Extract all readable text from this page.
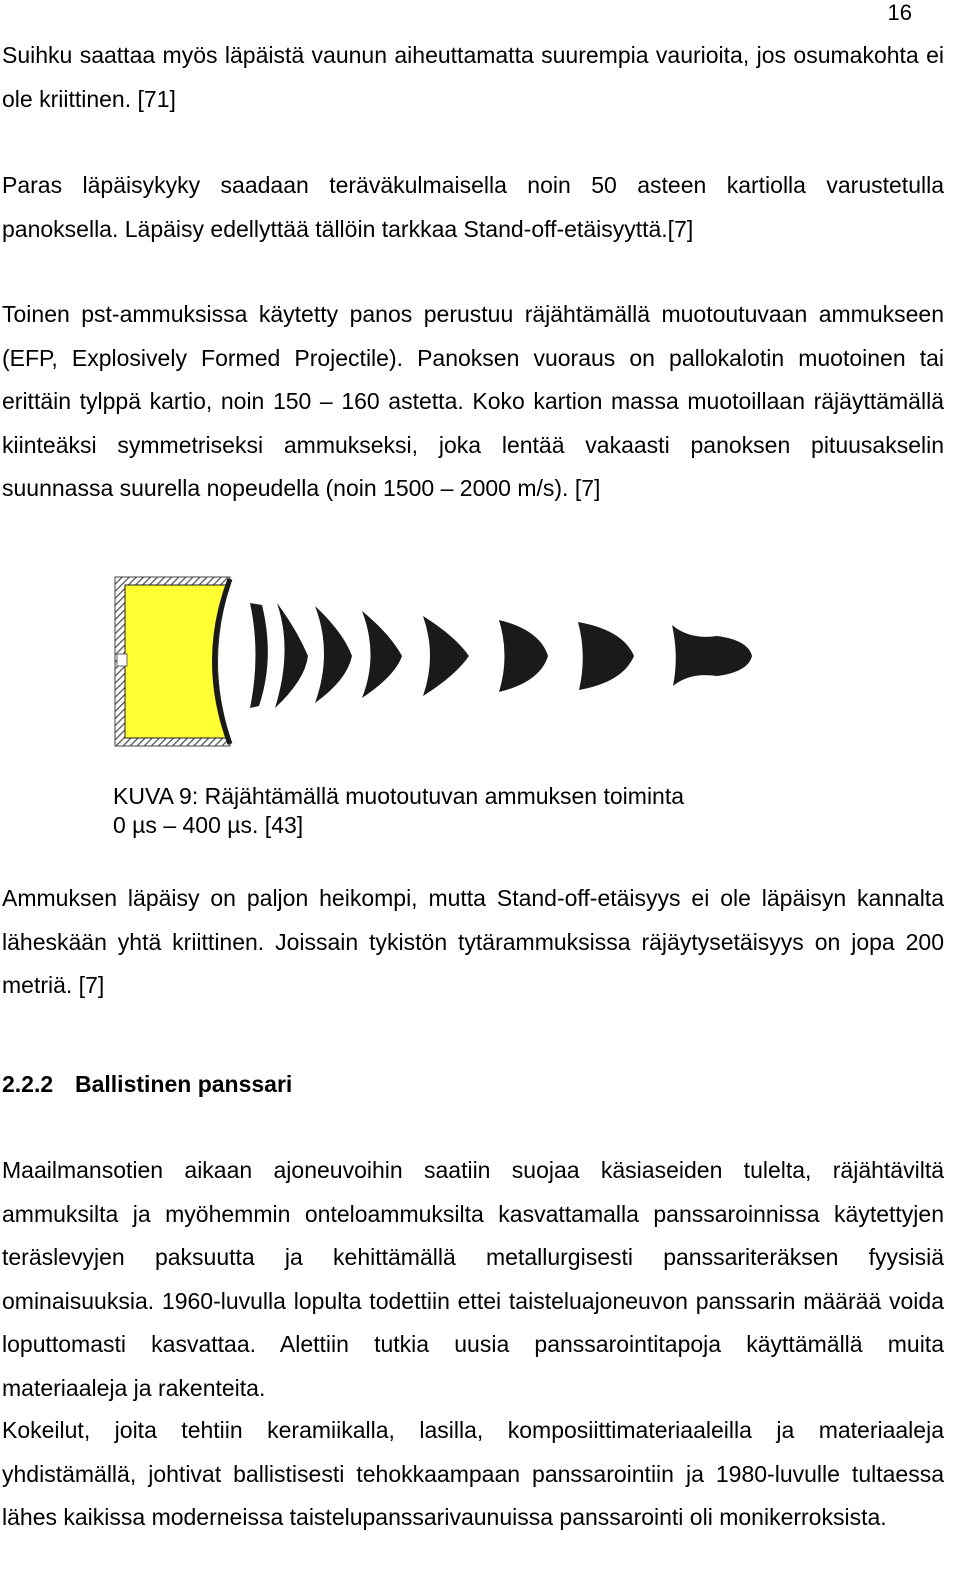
16

Suihku saattaa myös läpäistä vaunun aiheuttamatta suurempia vaurioita, jos osumakohta ei ole kriittinen. [71]

Paras läpäisykyky saadaan teräväkulmaisella noin 50 asteen kartiolla varustetulla panoksella. Läpäisy edellyttää tällöin tarkkaa Stand-off-etäisyyttä.[7]

Toinen pst-ammuksissa käytetty panos perustuu räjähtämällä muotoutuvaan ammukseen (EFP, Explosively Formed Projectile). Panoksen vuoraus on pallokalotin muotoinen tai erittäin tylppä kartio, noin 150 – 160 astetta. Koko kartion massa muotoillaan räjäyttämällä kiinteäksi symmetriseksi ammukseksi, joka lentää vakaasti panoksen pituusakselin suunnassa suurella nopeudella (noin 1500 – 2000 m/s). [7]

KUVA 9: Räjähtämällä muotoutuvan ammuksen toiminta
0 µs – 400 µs. [43]

Ammuksen läpäisy on paljon heikompi, mutta Stand-off-etäisyys ei ole läpäisyn kannalta läheskään yhtä kriittinen. Joissain tykistön tytärammuksissa räjäytysetäisyys on jopa 200 metriä. [7]

2.2.2 Ballistinen panssari

Maailmansotien aikaan ajoneuvoihin saatiin suojaa käsiaseiden tulelta, räjähtäviltä ammuksilta ja myöhemmin onteloammuksilta kasvattamalla panssaroinnissa käytettyjen teräslevyjen paksuutta ja kehittämällä metallurgisesti panssariteräksen fyysisiä ominaisuuksia. 1960-luvulla lopulta todettiin ettei taisteluajoneuvon panssarin määrää voida loputtomasti kasvattaa. Alettiin tutkia uusia panssarointitapoja käyttämällä muita materiaaleja ja rakenteita.

Kokeilut, joita tehtiin keramiikalla, lasilla, komposiittimateriaaleilla ja materiaaleja yhdistämällä, johtivat ballistisesti tehokkaampaan panssarointiin ja 1980-luvulle tultaessa lähes kaikissa moderneissa taistelupanssarivaunuissa panssarointi oli monikerroksista.
